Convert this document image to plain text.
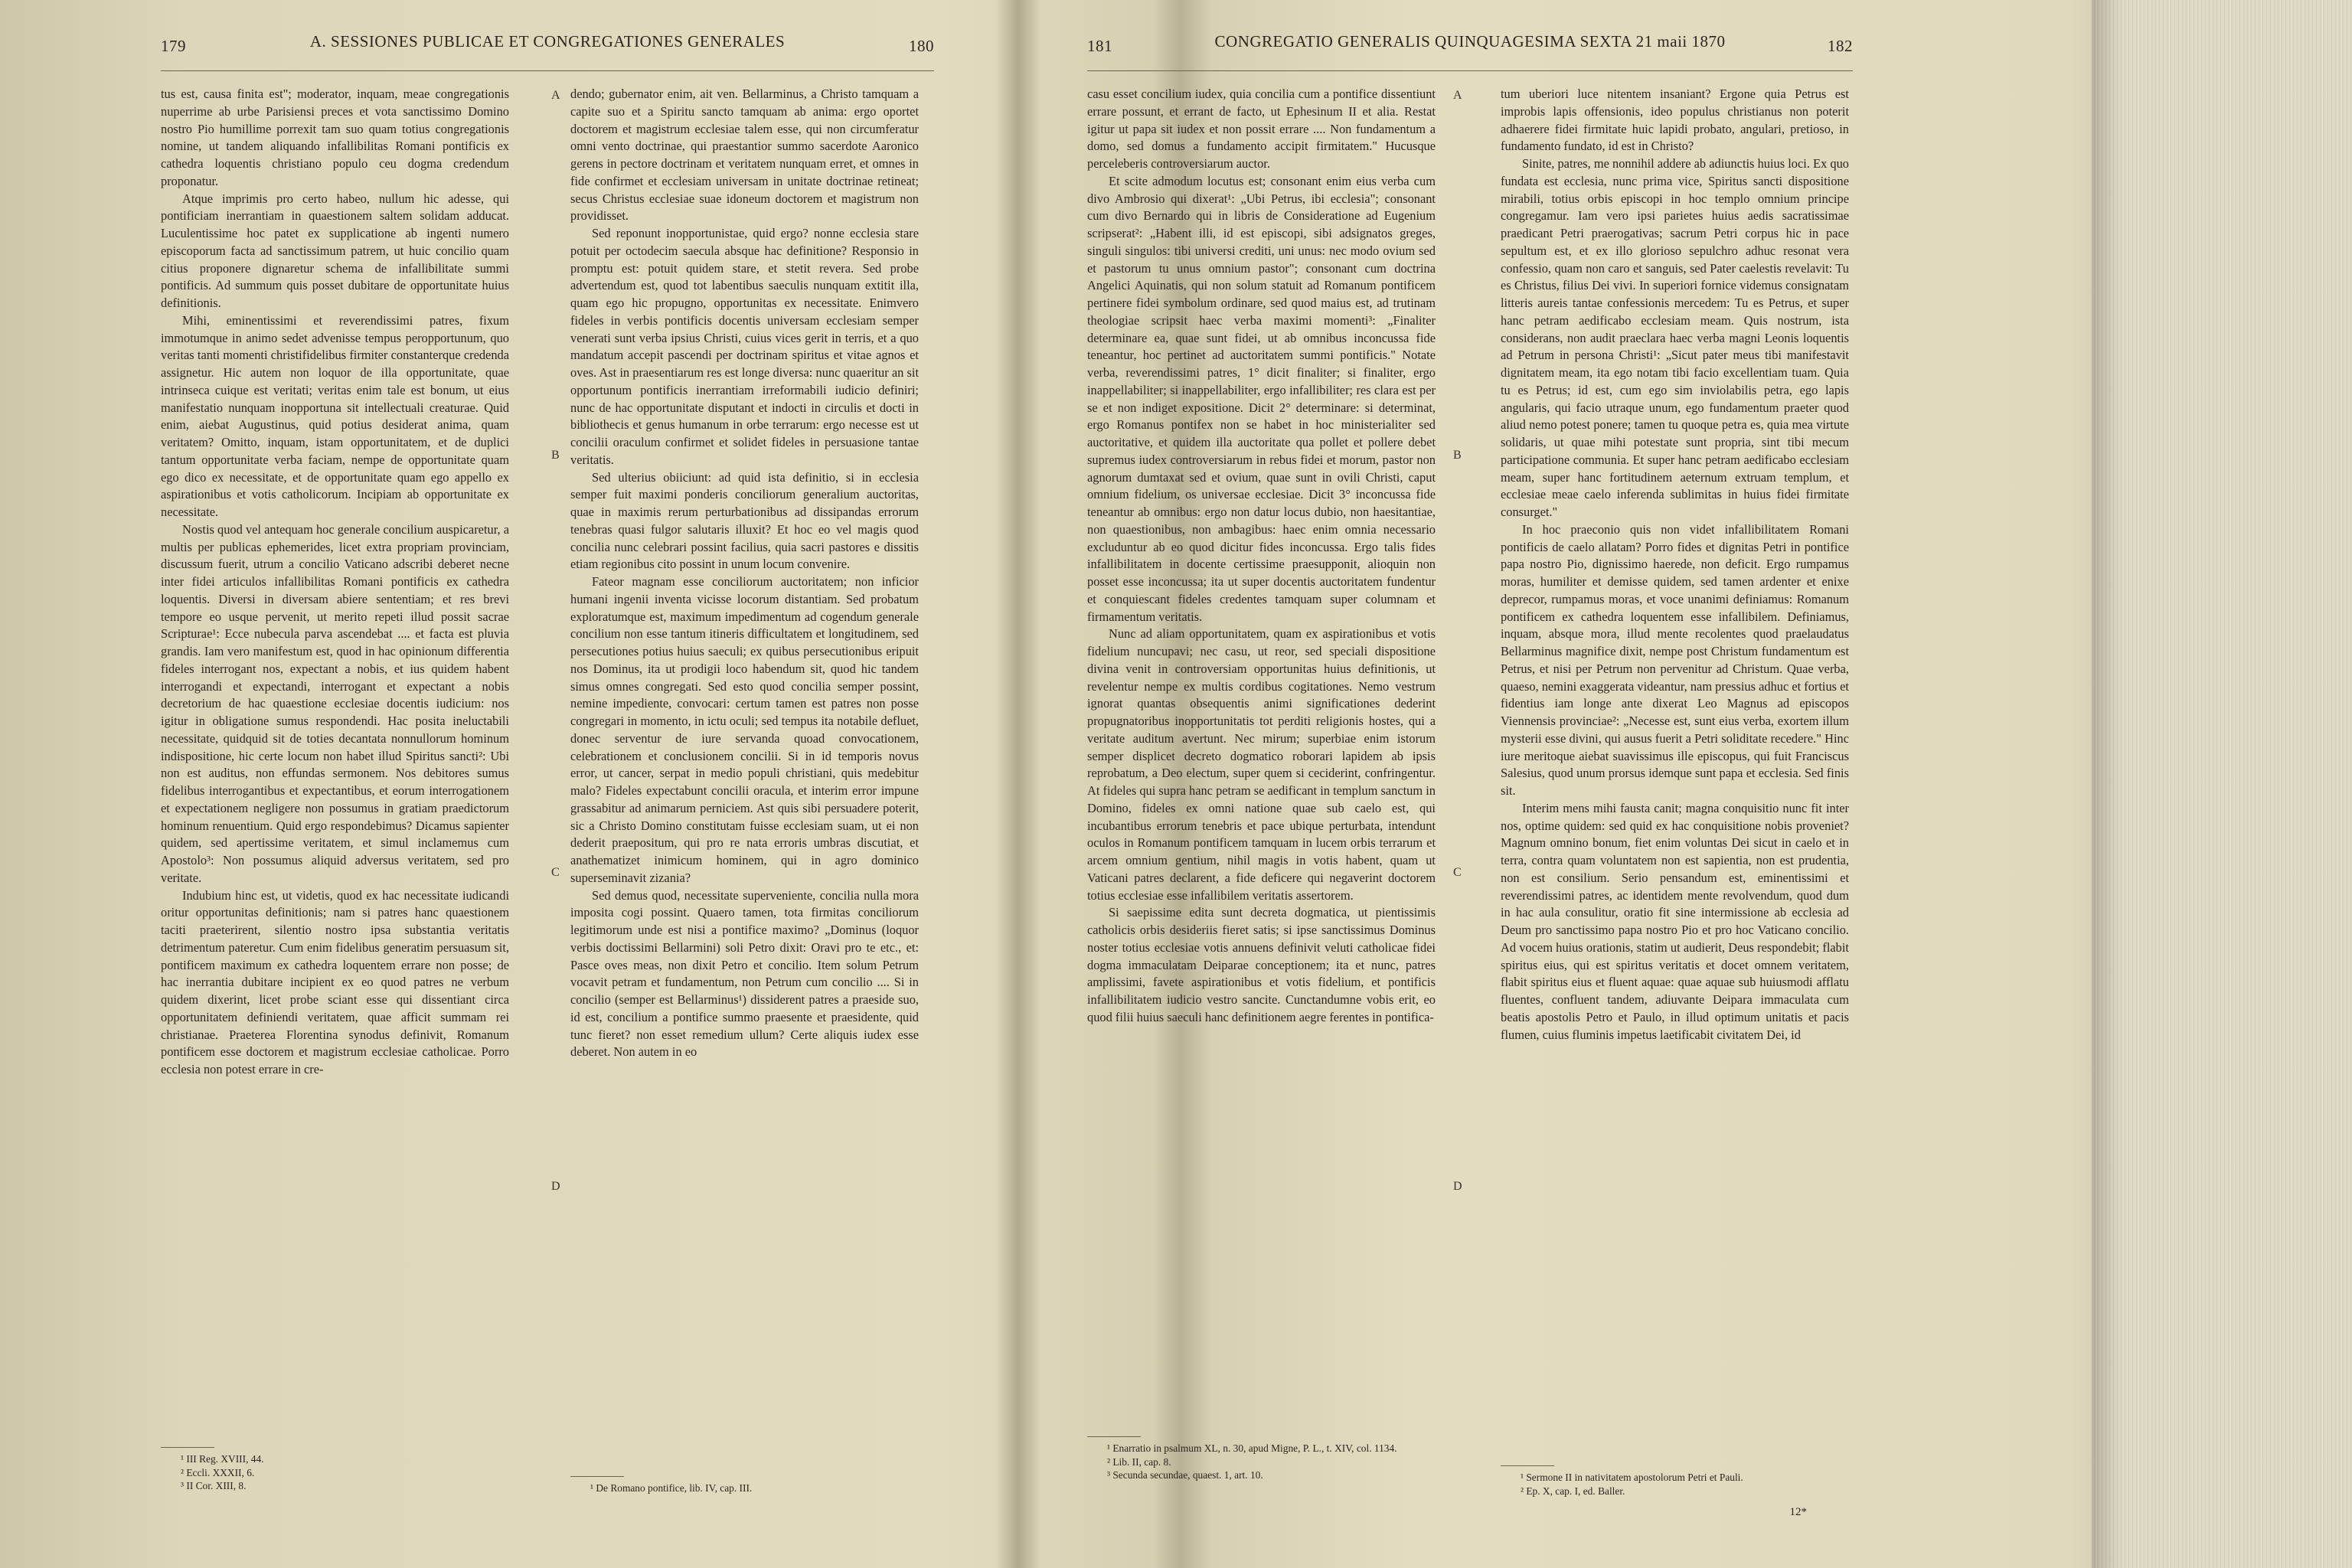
179	A. SESSIONES PUBLICAE ET CONGREGATIONES GENERALES	180

tus est, causa finita est"; moderator, inquam, meae congregationis nuperrime ab urbe Parisiensi preces et vota sanctissimo Domino nostro Pio humillime porrexit tam suo quam totius congregationis nomine, ut tandem aliquando infallibilitas Romani pontificis ex cathedra loquentis christiano populo ceu dogma credendum proponatur.

Atque imprimis pro certo habeo, nullum hic adesse, qui pontificiam inerrantiam in quaestionem saltem solidam adducat. Luculentissime hoc patet ex supplicatione ab ingenti numero episcoporum facta ad sanctissimum patrem, ut huic concilio quam citius proponere dignaretur schema de infallibilitate summi pontificis. Ad summum quis posset dubitare de opportunitate huius definitionis.

Mihi, eminentissimi et reverendissimi patres, fixum immotumque in animo sedet advenisse tempus peropportunum, quo veritas tanti momenti christifidelibus firmiter constanterque credenda assignetur. Hic autem non loquor de illa opportunitate, quae intrinseca cuique est veritati; veritas enim tale est bonum, ut eius manifestatio nunquam inopportuna sit intellectuali creaturae. Quid enim, aiebat Augustinus, quid potius desiderat anima, quam veritatem? Omitto, inquam, istam opportunitatem, et de duplici tantum opportunitate verba faciam, nempe de opportunitate quam ego dico ex necessitate, et de opportunitate quam ego appello ex aspirationibus et votis catholicorum. Incipiam ab opportunitate ex necessitate.

Nostis quod vel antequam hoc generale concilium auspicaretur, a multis per publicas ephemerides, licet extra propriam provinciam, discussum fuerit, utrum a concilio Vaticano adscribi deberet necne inter fidei articulos infallibilitas Romani pontificis ex cathedra loquentis. Diversi in diversam abiere sententiam; et res brevi tempore eo usque pervenit, ut merito repeti illud possit sacrae Scripturae¹: Ecce nubecula parva ascendebat .... et facta est pluvia grandis. Iam vero manifestum est, quod in hac opinionum differentia fideles interrogant nos, expectant a nobis, et ius quidem habent interrogandi et expectandi, interrogant et expectant a nobis decretorium de hac quaestione ecclesiae docentis iudicium: nos igitur in obligatione sumus respondendi. Hac posita ineluctabili necessitate, quidquid sit de toties decantata nonnullorum hominum indispositione, hic certe locum non habet illud Spiritus sancti²: Ubi non est auditus, non effundas sermonem. Nos debitores sumus fidelibus interrogantibus et expectantibus, et eorum interrogationem et expectationem negligere non possumus in gratiam praedictorum hominum renuentium. Quid ergo respondebimus? Dicamus sapienter quidem, sed apertissime veritatem, et simul inclamemus cum Apostolo³: Non possumus aliquid adversus veritatem, sed pro veritate.

Indubium hinc est, ut videtis, quod ex hac necessitate iudicandi oritur opportunitas definitionis; nam si patres hanc quaestionem taciti praeterirent, silentio nostro ipsa substantia veritatis detrimentum pateretur. Cum enim fidelibus generatim persuasum sit, pontificem maximum ex cathedra loquentem errare non posse; de hac inerrantia dubitare incipient ex eo quod patres ne verbum quidem dixerint, licet probe sciant esse qui dissentiant circa opportunitatem definiendi veritatem, quae afficit summam rei christianae. Praeterea Florentina synodus definivit, Romanum pontificem esse doctorem et magistrum ecclesiae catholicae. Porro ecclesia non potest errare in cre-

dendo; gubernator enim, ait ven. Bellarminus, a Christo tamquam a capite suo et a Spiritu sancto tamquam ab anima: ergo oportet doctorem et magistrum ecclesiae talem esse, qui non circumferatur omni vento doctrinae, qui praestantior summo sacerdote Aaronico gerens in pectore doctrinam et veritatem nunquam erret, et omnes in fide confirmet et ecclesiam universam in unitate doctrinae retineat; secus Christus ecclesiae suae idoneum doctorem et magistrum non providisset.

Sed reponunt inopportunistae, quid ergo? nonne ecclesia stare potuit per octodecim saecula absque hac definitione? Responsio in promptu est: potuit quidem stare, et stetit revera. Sed probe advertendum est, quod tot labentibus saeculis nunquam extitit illa, quam ego hic propugno, opportunitas ex necessitate. Enimvero fideles in verbis pontificis docentis universam ecclesiam semper venerati sunt verba ipsius Christi, cuius vices gerit in terris, et a quo mandatum accepit pascendi per doctrinam spiritus et vitae agnos et oves. Ast in praesentiarum res est longe diversa: nunc quaeritur an sit opportunum pontificis inerrantiam irreformabili iudicio definiri; nunc de hac opportunitate disputant et indocti in circulis et docti in bibliothecis et genus humanum in orbe terrarum: ergo necesse est ut concilii oraculum confirmet et solidet fideles in persuasione tantae veritatis.

Sed ulterius obiiciunt: ad quid ista definitio, si in ecclesia semper fuit maximi ponderis conciliorum generalium auctoritas, quae in maximis rerum perturbationibus ad dissipandas errorum tenebras quasi fulgor salutaris illuxit? Et hoc eo vel magis quod concilia nunc celebrari possint facilius, quia sacri pastores e dissitis etiam regionibus cito possint in unum locum convenire.

Fateor magnam esse conciliorum auctoritatem; non inficior humani ingenii inventa vicisse locorum distantiam. Sed probatum exploratumque est, maximum impedimentum ad cogendum generale concilium non esse tantum itineris difficultatem et longitudinem, sed persecutiones potius huius saeculi; ex quibus persecutionibus eripuit nos Dominus, ita ut prodigii loco habendum sit, quod hic tandem simus omnes congregati. Sed esto quod concilia semper possint, nemine impediente, convocari: certum tamen est patres non posse congregari in momento, in ictu oculi; sed tempus ita notabile defluet, donec serventur de iure servanda quoad convocationem, celebrationem et conclusionem concilii. Si in id temporis novus error, ut cancer, serpat in medio populi christiani, quis medebitur malo? Fideles expectabunt concilii oracula, et interim error impune grassabitur ad animarum perniciem. Ast quis sibi persuadere poterit, sic a Christo Domino constitutam fuisse ecclesiam suam, ut ei non dederit praepositum, qui pro re nata erroris umbras discutiat, et anathematizet inimicum hominem, qui in agro dominico superseminavit zizania?

Sed demus quod, necessitate superveniente, concilia nulla mora imposita cogi possint. Quaero tamen, tota firmitas conciliorum legitimorum unde est nisi a pontifice maximo? „Dominus (loquor verbis doctissimi Bellarmini) soli Petro dixit: Oravi pro te etc., et: Pasce oves meas, non dixit Petro et concilio. Item solum Petrum vocavit petram et fundamentum, non Petrum cum concilio .... Si in concilio (semper est Bellarminus¹) dissiderent patres a praeside suo, id est, concilium a pontifice summo praesente et praesidente, quid tunc fieret? non esset remedium ullum? Certe aliquis iudex esse deberet. Non autem in eo

A
B
C
D
¹ III Reg. XVIII, 44.
² Eccli. XXXII, 6.
³ II Cor. XIII, 8.	¹ De Romano pontifice, lib. IV, cap. III.
181	CONGREGATIO GENERALIS QUINQUAGESIMA SEXTA 21 maii 1870	182

casu esset concilium iudex, quia concilia cum a pontifice dissentiunt errare possunt, et errant de facto, ut Ephesinum II et alia. Restat igitur ut papa sit iudex et non possit errare .... Non fundamentum a domo, sed domus a fundamento accipit firmitatem." Hucusque perceleberis controversiarum auctor.

Et scite admodum locutus est; consonant enim eius verba cum divo Ambrosio qui dixerat¹: „Ubi Petrus, ibi ecclesia"; consonant cum divo Bernardo qui in libris de Consideratione ad Eugenium scripserat²: „Habent illi, id est episcopi, sibi adsignatos greges, singuli singulos: tibi universi crediti, uni unus: nec modo ovium sed et pastorum tu unus omnium pastor"; consonant cum doctrina Angelici Aquinatis, qui non solum statuit ad Romanum pontificem pertinere fidei symbolum ordinare, sed quod maius est, ad trutinam theologiae scripsit haec verba maximi momenti³: „Finaliter determinare ea, quae sunt fidei, ut ab omnibus inconcussa fide teneantur, hoc pertinet ad auctoritatem summi pontificis." Notate verba, reverendissimi patres, 1° dicit finaliter; si finaliter, ergo inappellabiliter; si inappellabiliter, ergo infallibiliter; res clara est per se et non indiget expositione. Dicit 2° determinare: si determinat, ergo Romanus pontifex non se habet in hoc ministerialiter sed auctoritative, et quidem illa auctoritate qua pollet et pollere debet supremus iudex controversiarum in rebus fidei et morum, pastor non agnorum dumtaxat sed et ovium, quae sunt in ovili Christi, caput omnium fidelium, os universae ecclesiae. Dicit 3° inconcussa fide teneantur ab omnibus: ergo non datur locus dubio, non haesitantiae, non quaestionibus, non ambagibus: haec enim omnia necessario excluduntur ab eo quod dicitur fides inconcussa. Ergo talis fides infallibilitatem in docente certissime praesupponit, alioquin non posset esse inconcussa; ita ut super docentis auctoritatem fundentur et conquiescant fideles credentes tamquam super columnam et firmamentum veritatis.

Nunc ad aliam opportunitatem, quam ex aspirationibus et votis fidelium nuncupavi; nec casu, ut reor, sed speciali dispositione divina venit in controversiam opportunitas huius definitionis, ut revelentur nempe ex multis cordibus cogitationes. Nemo vestrum ignorat quantas obsequentis animi significationes dederint propugnatoribus inopportunitatis tot perditi religionis hostes, qui a veritate auditum avertunt. Nec mirum; superbiae enim istorum semper displicet decreto dogmatico roborari lapidem ab ipsis reprobatum, a Deo electum, super quem si ceciderint, confringentur. At fideles qui supra hanc petram se aedificant in templum sanctum in Domino, fideles ex omni natione quae sub caelo est, qui incubantibus errorum tenebris et pace ubique perturbata, intendunt oculos in Romanum pontificem tamquam in lucem orbis terrarum et arcem omnium gentium, nihil magis in votis habent, quam ut Vaticani patres declarent, a fide deficere qui negaverint doctorem totius ecclesiae esse infallibilem veritatis assertorem.

Si saepissime edita sunt decreta dogmatica, ut pientissimis catholicis orbis desideriis fieret satis; si ipse sanctissimus Dominus noster totius ecclesiae votis annuens definivit veluti catholicae fidei dogma immaculatam Deiparae conceptionem; ita et nunc, patres amplissimi, favete aspirationibus et votis fidelium, et pontificis infallibilitatem iudicio vestro sancite. Cunctandumne vobis erit, eo quod filii huius saeculi hanc definitionem aegre ferentes in pontifica-

tum uberiori luce nitentem insaniant? Ergone quia Petrus est improbis lapis offensionis, ideo populus christianus non poterit adhaerere fidei firmitate huic lapidi probato, angulari, pretioso, in fundamento fundato, id est in Christo?

Sinite, patres, me nonnihil addere ab adiunctis huius loci. Ex quo fundata est ecclesia, nunc prima vice, Spiritus sancti dispositione mirabili, totius orbis episcopi in hoc templo omnium principe congregamur. Iam vero ipsi parietes huius aedis sacratissimae praedicant Petri praerogativas; sacrum Petri corpus hic in pace sepultum est, et ex illo glorioso sepulchro adhuc resonat vera confessio, quam non caro et sanguis, sed Pater caelestis revelavit: Tu es Christus, filius Dei vivi. In superiori fornice videmus consignatam litteris aureis tantae confessionis mercedem: Tu es Petrus, et super hanc petram aedificabo ecclesiam meam. Quis nostrum, ista considerans, non audit praeclara haec verba magni Leonis loquentis ad Petrum in persona Christi¹: „Sicut pater meus tibi manifestavit dignitatem meam, ita ego notam tibi facio excellentiam tuam. Quia tu es Petrus; id est, cum ego sim inviolabilis petra, ego lapis angularis, qui facio utraque unum, ego fundamentum praeter quod aliud nemo potest ponere; tamen tu quoque petra es, quia mea virtute solidaris, ut quae mihi potestate sunt propria, sint tibi mecum participatione communia. Et super hanc petram aedificabo ecclesiam meam, super hanc fortitudinem aeternum extruam templum, et ecclesiae meae caelo inferenda sublimitas in huius fidei firmitate consurget."

In hoc praeconio quis non videt infallibilitatem Romani pontificis de caelo allatam? Porro fides et dignitas Petri in pontifice papa nostro Pio, dignissimo haerede, non deficit. Ergo rumpamus moras, humiliter et demisse quidem, sed tamen ardenter et enixe deprecor, rumpamus moras, et voce unanimi definiamus: Romanum pontificem ex cathedra loquentem esse infallibilem. Definiamus, inquam, absque mora, illud mente recolentes quod praelaudatus Bellarminus magnifice dixit, nempe post Christum fundamentum est Petrus, et nisi per Petrum non pervenitur ad Christum. Quae verba, quaeso, nemini exaggerata videantur, nam pressius adhuc et fortius et fidentius iam longe ante dixerat Leo Magnus ad episcopos Viennensis provinciae²: „Necesse est, sunt eius verba, exortem illum mysterii esse divini, qui ausus fuerit a Petri soliditate recedere." Hinc iure meritoque aiebat suavissimus ille episcopus, qui fuit Franciscus Salesius, quod unum prorsus idemque sunt papa et ecclesia. Sed finis sit.

Interim mens mihi fausta canit; magna conquisitio nunc fit inter nos, optime quidem: sed quid ex hac conquisitione nobis proveniet? Magnum omnino bonum, fiet enim voluntas Dei sicut in caelo et in terra, contra quam voluntatem non est sapientia, non est prudentia, non est consilium. Serio pensandum est, eminentissimi et reverendissimi patres, ac identidem mente revolvendum, quod dum in hac aula consulitur, oratio fit sine intermissione ab ecclesia ad Deum pro sanctissimo papa nostro Pio et pro hoc Vaticano concilio. Ad vocem huius orationis, statim ut audierit, Deus respondebit; flabit spiritus eius, qui est spiritus veritatis et docet omnem veritatem, flabit spiritus eius et fluent aquae: quae aquae sub huiusmodi afflatu fluentes, confluent tandem, adiuvante Deipara immaculata cum beatis apostolis Petro et Paulo, in illud optimum unitatis et pacis flumen, cuius fluminis impetus laetificabit civitatem Dei, id

A
B
C
D
¹ Enarratio in psalmum XL, n. 30, apud Migne, P. L., t. XIV, col. 1134.
² Lib. II, cap. 8.
³ Secunda secundae, quaest. 1, art. 10.	¹ Sermone II in nativitatem apostolorum Petri et Pauli.
² Ep. X, cap. I, ed. Baller.
12*
